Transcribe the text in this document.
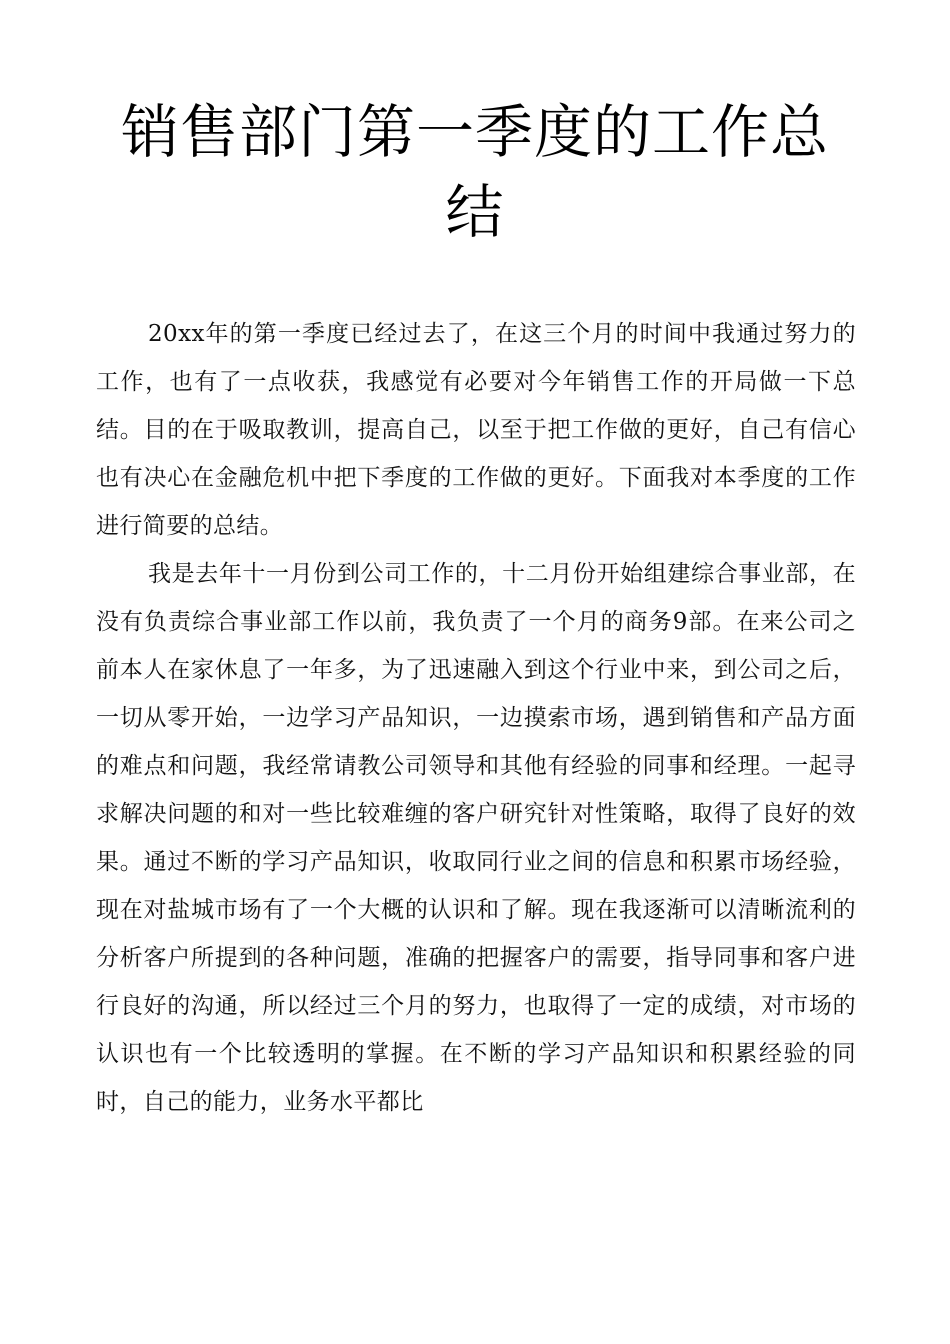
销售部门第一季度的工作总结

20xx年的第一季度已经过去了，在这三个月的时间中我通过努力的工作，也有了一点收获，我感觉有必要对今年销售工作的开局做一下总结。目的在于吸取教训，提高自己，以至于把工作做的更好，自己有信心也有决心在金融危机中把下季度的工作做的更好。下面我对本季度的工作进行简要的总结。

我是去年十一月份到公司工作的，十二月份开始组建综合事业部，在没有负责综合事业部工作以前，我负责了一个月的商务9部。在来公司之前本人在家休息了一年多，为了迅速融入到这个行业中来，到公司之后，一切从零开始，一边学习产品知识，一边摸索市场，遇到销售和产品方面的难点和问题，我经常请教公司领导和其他有经验的同事和经理。一起寻求解决问题的和对一些比较难缠的客户研究针对性策略，取得了良好的效果。通过不断的学习产品知识，收取同行业之间的信息和积累市场经验，现在对盐城市场有了一个大概的认识和了解。现在我逐渐可以清晰流利的分析客户所提到的各种问题，准确的把握客户的需要，指导同事和客户进行良好的沟通，所以经过三个月的努力，也取得了一定的成绩，对市场的认识也有一个比较透明的掌握。在不断的学习产品知识和积累经验的同时，自己的能力，业务水平都比
